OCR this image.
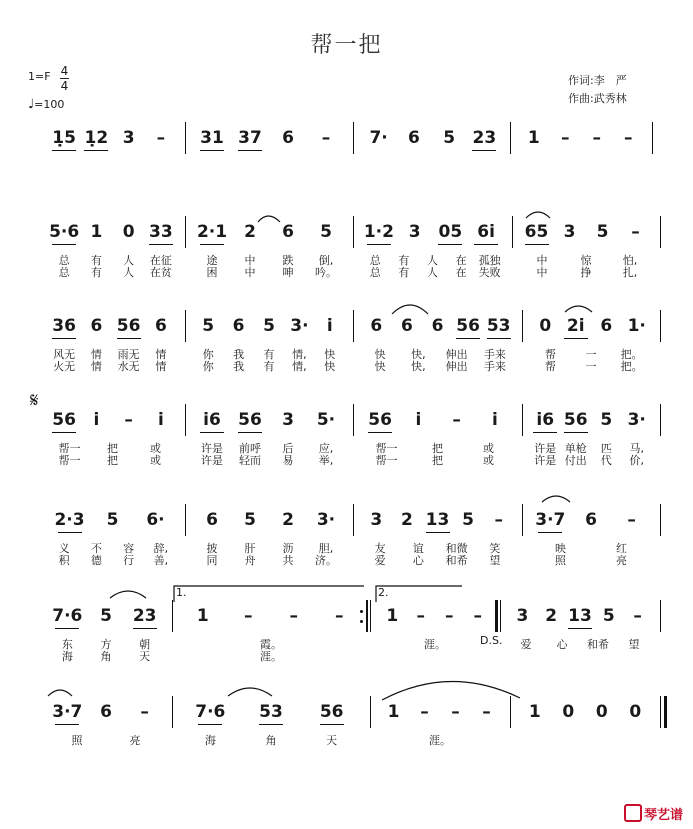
帮一把
1=F 4
4
♩=100
作词:李　严
作曲:武秀林
1̣5 1̣2 3 – 31 37 6 – 7· 6 5 23 1 – – –
5·6 1 0 33
总 有 人 在征
总 有 人 在贫
2·1 2 6 5
途 中 跌 倒,
困 中 呻 吟。
1·2 3 05 6i
总 有 人 在 孤独
总 有 人 在 失败
65 3 5 –
中	惊	怕,
中	挣	扎,
36 6 56 6
风无 情 雨无 情
火无 情 水无 情
5 6 5 3· i
你 我 有 情, 快
你 我 有 情, 快
6 6 6 56 53
快 快, 伸出 手来
快 快, 伸出 手来
0 2i 6 1·
帮	一 把。
帮	一 把。
56 i – i
帮一 把	或
帮一 把	或
i6 56 3 5·
许是 前呼 后 应,
许是 轻而 易 举,
56 i – i
帮一	把	或
帮一	把	或
i6 56 5 3·
许是 单枪 匹 马,
许是 付出 代 价,
2·3 5 6·
义 不 容 辞,
积 德 行 善,
6 5 2 3·
披 肝 沥 胆,
同 舟 共 济。
3 2 13 5 –
友 谊 和微 笑
爱 心 和希 望
3·7 6 –
映	红
照	亮
7·6 5 23
东	方	朝
海	角	天
1 – – –
霞。
涯。
1 – – –
涯。
3 2 13 5 –
爱 心 和希 望
3·7 6 –
照	亮
7·6 53 56
海	角	天
1 – – –
涯。
1 0 0 0
1.	2.
𝄋
D.S.
琴艺谱
